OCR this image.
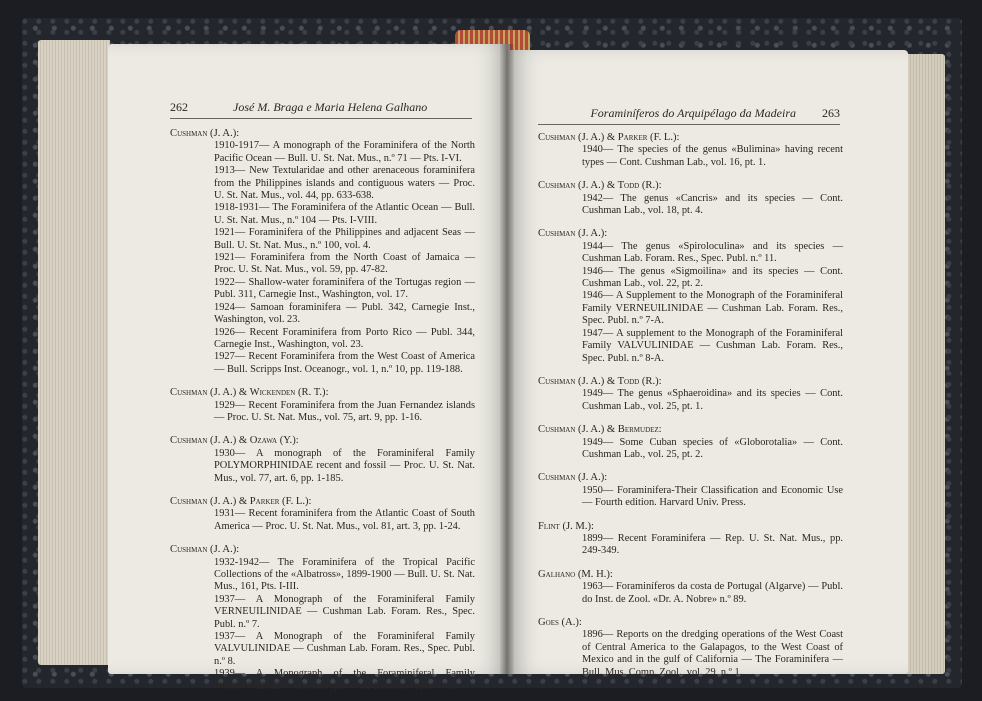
262	José M. Braga e Maria Helena Galhano

Cushman (J. A.):

1910-1917— A monograph of the Foraminifera of the North Pacific Ocean — Bull. U. St. Nat. Mus., n.º 71 — Pts. I-VI.

1913— New Textularidae and other arenaceous foraminifera from the Philippines islands and contiguous waters — Proc. U. St. Nat. Mus., vol. 44, pp. 633-638.

1918-1931— The Foraminifera of the Atlantic Ocean — Bull. U. St. Nat. Mus., n.º 104 — Pts. I-VIII.

1921— Foraminifera of the Philippines and adjacent Seas — Bull. U. St. Nat. Mus., n.º 100, vol. 4.

1921— Foraminifera from the North Coast of Jamaica — Proc. U. St. Nat. Mus., vol. 59, pp. 47-82.

1922— Shallow-water foraminifera of the Tortugas region — Publ. 311, Carnegie Inst., Washington, vol. 17.

1924— Samoan foraminifera — Publ. 342, Carnegie Inst., Washington, vol. 23.

1926— Recent Foraminifera from Porto Rico — Publ. 344, Carnegie Inst., Washington, vol. 23.

1927— Recent Foraminifera from the West Coast of America — Bull. Scripps Inst. Oceanogr., vol. 1, n.º 10, pp. 119-188.

Cushman (J. A.) & Wickenden (R. T.):

1929— Recent Foraminifera from the Juan Fernandez islands — Proc. U. St. Nat. Mus., vol. 75, art. 9, pp. 1-16.

Cushman (J. A.) & Ozawa (Y.):

1930— A monograph of the Foraminiferal Family POLYMORPHINIDAE recent and fossil — Proc. U. St. Nat. Mus., vol. 77, art. 6, pp. 1-185.

Cushman (J. A.) & Parker (F. L.):

1931— Recent foraminifera from the Atlantic Coast of South America — Proc. U. St. Nat. Mus., vol. 81, art. 3, pp. 1-24.

Cushman (J. A.):

1932-1942— The Foraminifera of the Tropical Pacific Collections of the «Albatross», 1899-1900 — Bull. U. St. Nat. Mus., 161, Pts. I-III.

1937— A Monograph of the Foraminiferal Family VERNEUILINIDAE — Cushman Lab. Foram. Res., Spec. Publ. n.º 7.

1937— A Monograph of the Foraminiferal Family VALVULINIDAE — Cushman Lab. Foram. Res., Spec. Publ. n.º 8.

1939— A Monograph of the Foraminiferal Family NONIONIDAE — U. St. Dept. of the Interior, Paper 191.

Foraminíferos do Arquipélago da Madeira 263

Cushman (J. A.) & Parker (F. L.):

1940— The species of the genus «Bulimina» having recent types — Cont. Cushman Lab., vol. 16, pt. 1.

Cushman (J. A.) & Todd (R.):

1942— The genus «Cancris» and its species — Cont. Cushman Lab., vol. 18, pt. 4.

Cushman (J. A.):

1944— The genus «Spiroloculina» and its species — Cushman Lab. Foram. Res., Spec. Publ. n.º 11.

1946— The genus «Sigmoilina» and its species — Cont. Cushman Lab., vol. 22, pt. 2.

1946— A Supplement to the Monograph of the Foraminiferal Family VERNEUILINIDAE — Cushman Lab. Foram. Res., Spec. Publ. n.º 7-A.

1947— A supplement to the Monograph of the Foraminiferal Family VALVULINIDAE — Cushman Lab. Foram. Res., Spec. Publ. n.º 8-A.

Cushman (J. A.) & Todd (R.):

1949— The genus «Sphaeroidina» and its species — Cont. Cushman Lab., vol. 25, pt. 1.

Cushman (J. A.) & Bermudez:

1949— Some Cuban species of «Globorotalia» — Cont. Cushman Lab., vol. 25, pt. 2.

Cushman (J. A.):

1950— Foraminifera-Their Classification and Economic Use — Fourth edition. Harvard Univ. Press.

Flint (J. M.):

1899— Recent Foraminifera — Rep. U. St. Nat. Mus., pp. 249-349.

Galhano (M. H.):

1963— Foraminíferos da costa de Portugal (Algarve) — Publ. do Inst. de Zool. «Dr. A. Nobre» n.º 89.

Goes (A.):

1896— Reports on the dredging operations of the West Coast of Central America to the Galapagos, to the West Coast of Mexico and in the gulf of California — The Foraminifera — Bull. Mus. Comp. Zool., vol. 29, n.º 1.
